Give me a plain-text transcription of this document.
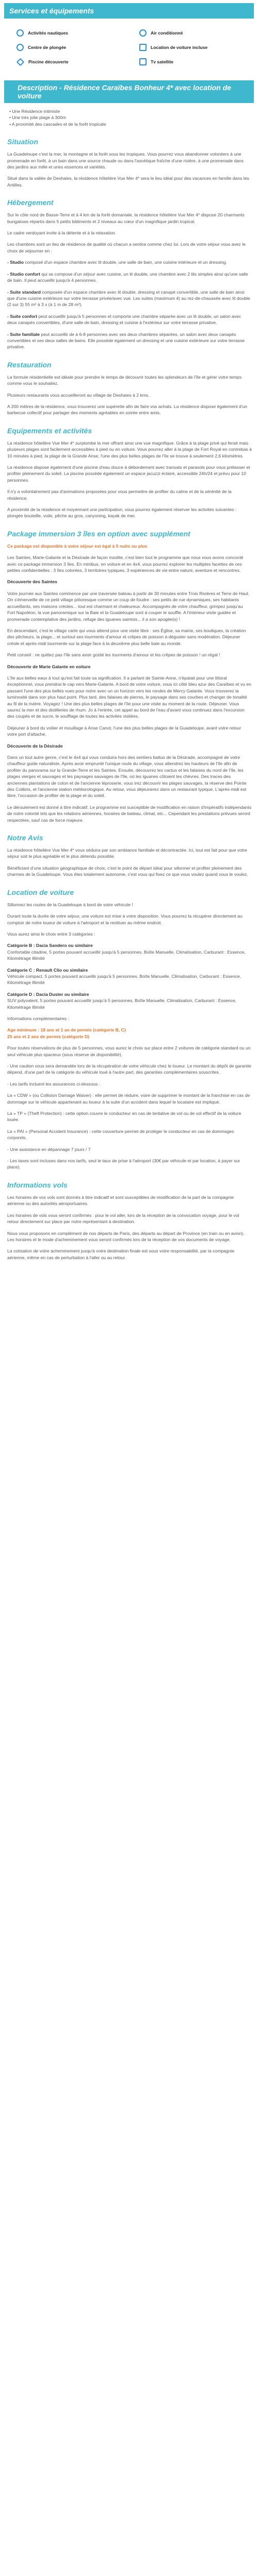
Services et équipements
Activités nautiques	Air conditionné
Centre de plongée	Location de voiture incluse
Piscine découverte	Tv satellite
Description - Résidence Caraïbes Bonheur 4* avec location de voiture
• Une Résidence intimiste
• Une très jolie plage à 300m
• A proximité des cascades et de la forêt tropicale
Situation

La Guadeloupe c'est la mer, la montagne et la forêt sous les tropiques. Vous pourrez vous abandonner volontiers à une promenade en forêt, à un bain dans une source chaude ou dans l'ascétique fraîche d'une rivière, à une promenade dans des jardins aux mille et unes essences et variétés.

Situé dans la vallée de Deshaies, la résidence hôtelière Vue Mer 4* sera le lieu idéal pour des vacances en famille dans les Antilles.

Hébergement

Sur le côte nord de Basse-Terre et à 4 km de la forêt domaniale, la résidence hôtelière Vue Mer 4* dispose 20 charmants bungalows répartis dans 5 petits bâtiments et 2 niveaux au cœur d'un magnifique jardin tropical.

Le cadre verdoyant invite à la détente et à la relaxation.

Les chambres sont un lieu de résidence de qualité où chacun a sentira comme chez lui. Lors de votre séjour vous avez le choix de séjourner en :

- Studio composé d'un espace chambre avec lit double, une salle de bain, une cuisine intérieure et un dressing.

- Studio confort qui se compose d'un séjour avec cuisine, un lit double, une chambre avec 2 lits simples ainsi qu'une salle de bain. Il peut accueillir jusqu'à 4 personnes.

- Suite standard composée d'un espace chambre avec lit double, dressing et canapé convertible, une salle de bain ainsi que d'une cuisine extérieure sur votre terrasse privée/avec vue. Les suites (maximum 4) au rez-de-chaussée avec lit double (2 sur 3) 55 m² à 3 x (à 1 m de 28 m²).

- Suite confort peut accueillir jusqu'à 5 personnes et comporte une chambre séparée avec un lit double, un salon avec deux canapés convertibles, d'une salle de bain, dressing et cuisine à l'extérieur sur votre terrasse privative.

- Suite familiale peut accueillir de à 6-8 personnes avec ses deux chambres séparées, un salon avec deux canapés convertibles et ses deux salles de bains. Elle possède également un dressing et une cuisine extérieure sur votre terrasse privative.

Restauration

La formule résidentielle est idéale pour prendre le temps de découvrir toutes les splendeurs de l'île et gérer votre temps comme vous le souhaitez.

Plusieurs restaurants vous accueilleront au village de Deshaies à 2 kms.

A 200 mètres de la résidence, vous trouverez une supérette afin de faire vos achats. La résidence dispose également d'un barbecue collectif pour partager des moments agréables en soirée entre amis.

Equipements et activités

La résidence hôtelière Vue Mer 4* surplombe la mer offrant ainsi une vue magnifique. Grâce à la plage privé qui ferait mais plusieurs plages sont facilement accessibles à pied ou en voiture. Vous pourrez aller à la plage de Fort Royal en contrebas à 10 minutes à pied, la plage de la Grande Anse, l'une des plus belles plages de l'île se trouve à seulement 2,6 kilomètres.

La résidence dispose également d'une piscine d'eau douce à débordement avec transats et parasols pour vous prélasser et profiter pleinement du soleil. La piscine possède également un espace jacuzzi éclairé, accessible 24h/24 et prévu pour 10 personnes.

Il n'y a volontairement pas d'animations proposées pour vous permettre de profiter du calme et de la sérénité de la résidence.

A proximité de la résidence et moyennant une participation, vous pourrez également réserver les activités suivantes : plongée bouteille, voile, pêche au gros, canyoning, kayak de mer.

Package immersion 3 îles en option avec supplément

Ce package est disponible à votre séjour est égal à 5 nuits ou plus

Les Saintes, Marie-Galante et la Désirade de façon insolite, c'est bien tout le programme que nous vous avons concocté avec ce package immersion 3 îles. En minibus, en voiture et en 4x4, vous pourrez explorer les multiples facettes de ces petites confidentielles : 3 îles colorées, 3 territoires typiques, 3 expériences de vie entre nature, aventure et rencontres.

Découverte des Saintes

Votre journée aux Saintes commence par une traversée bateau à partir de 30 minutes entre Trois Rivières et Terre de Haut. On s'émerveille de ce petit village pittoresque comme un coup de foudre : ses petits de rue dynamiques, ses habitants accueillants, ses maisons créoles... tout est charmant et chaleureux. Accompagnés de votre chauffeur, grimpez jusqu'au Fort Napoléon, la vue panoramique sur la Baie et la Guadeloupe sont à couper le souffle. A l'intérieur visite guidée et promenade contemplative des jardins, refuge des iguanes saintois... il a son apogée(s) !

En descendant, c'est le village carte qui vous attend pour une visite libre : ses Église, sa mairie, ses boutiques, la création des pêcheurs, la plage... et surtout ses tourments d'amour et crêpes de poisson à déguster sans modération. Déjeuner créole et après-midi tourmente sur la plage face à la deuxième plus belle baie au monde.

Petit conseil : ne quittez pas l'île sans avoir goûté les tourments d'amour et les crêpes de poisson ! un régal !

Découverte de Marie Galante en voiture

L'île aux belles eaux à tout qu'est fait toute sa signification. Il a parlant de Sainte-Anne, n'épatait pour une littoral éxceptionnel, vous prendrai le cap vers Marie-Galante. A bord de votre voiture, vous ici côté bleu azur des Caraïbes et vu en passant l'une des plus belles vues pour notre avec un un horizon vers les rondes de Mercy Galante. Vous trouverez la luminosité dans son plus haut point. Plus tard, des falaises de pierres, le paysage dans ses courbes et changer de tonalité au fil de la rivière. Voyagez ! Une des plus belles plages de l'île pour une visite au moment de la route. Déjeuner. Vous saurez la mer et des distilleries de rhum. Jo à l'entrée, cet appel au bord de l'eau d'avant vous continuez dans l'excursion des coupés et de sucre, le soufflage de toutes les activités visitées.

Déjeuner à bord du voilier et mouillage à Anse Canot, l'une des plus belles plages de la Guadeloupe, avant votre retour votre port d'attache.

Découverte de la Désirade

Dans un tout autre genre, c'est le 4x4 qui vous conduira hors des sentiers battus de la Désirade, accompagné de votre chauffeur guide naturaliste. Après avoir emprunté l'unique route du village, vous attendrez les hauteurs de l'île afin de profiter du panorama sur la Grande-Terre et les Saintes. Ensuite, découvrez les cactus et les falaises du nord de l'île, les plages vierges et sauvages et les paysages sauvages de l'île, où les iguanes côtoient les chèvres. Des traces des anciennes plantations de coton et de l'ancienne léproserie, vous irez découvrir les plages sauvages, la réserve des Pointe des Colibris, et l'ancienne station météorologique. Au retour, vous déjeunerez dans un restaurant typique. L'après-midi est libre, l'occasion de profiter de la plage et du soleil.

Le déroulement est donné à titre indicatif. Le programme est susceptible de modification en raison d'impératifs indépendants de notre volonté tels que les relations aériennes, horaires de bateau, climat, etc... Cependant les prestations prévues seront respectées, sauf cas de force majeure.

Notre Avis

La résidence hôtelière Vue Mer 4* vous séduira par son ambiance familiale et décontractée. Ici, tout est fait pour que votre séjour soit le plus agréable et le plus détendu possible.

Bénéficiant d'une situation géographique de choix, c'est le point de départ idéal pour sillonner et profiter pleinement des charmes de la Guadeloupe. Vous êtes totalement autonome, c'est vous qui fixez ce que vous voulez quand vous le voulez.

Location de voiture

Sillonnez les routes de la Guadeloupe à bord de votre véhicule !

Durant toute la durée de votre séjour, une voiture est mise à votre disposition. Vous pourrez la récupérer directement au comptoir de notre loueur de voiture à l'aéroport et la restituer au même endroit.

Vous aurez ainsi le choix entre 3 catégories :

Catégorie B : Dacia Sandero ou similaire
Confortable citadine, 5 portes pouvant accueillir jusqu'à 5 personnes, Boîte Manuelle, Climatisation, Carburant : Essence, Kilométrage Illimité

Catégorie C : Renault Clio ou similaire
Véhicule compact, 5 portes pouvant accueillir jusqu'à 5 personnes, Boîte Manuelle, Climatisation, Carburant : Essence, Kilométrage Illimité

Catégorie D : Dacia Duster ou similaire
SUV polyvalent, 5 portes pouvant accueillir jusqu'à 5 personnes, Boîte Manuelle, Climatisation, Carburant : Essence, Kilométrage Illimité

Informations complémentaires :

Age minimum : 18 ans et 1 an de permis (catégorie B, C)
25 ans et 2 ans de permis (catégorie D)

Pour toutes réservations de plus de 5 personnes, vous aurez le choix sur place entre 2 voitures de catégorie standard ou un seul véhicule plus spacieux (sous réserve de disponibilité).

- Une caution vous sera demandée lors de la récupération de votre véhicule chez le loueur. Le montant du dépôt de garantie dépend, d'une part de la catégorie du véhicule loué à l'autre part, des garanties complémentaires souscrites.

- Les tarifs incluent les assurances ci-dessous :

La « CDW » (ou Collision Damage Waiver) : elle permet de réduire, voire de supprimer le montant de la franchise en cas de dommage sur le véhicule appartenant au loueur à la suite d'un accident dans lequel le locataire est impliqué.

La « TP » (Theft Protection) : cette option couvre le conducteur en cas de tentative de vol ou de vol effectif de la voiture louée.

La « PAI » (Personal Accident Insurance) : cette couverture permet de protéger le conducteur en cas de dommages corporels.

- Une assistance en dépannage 7 jours / 7

- Les taxes sont incluses dans nos tarifs, seul le taux de prise à l'aéroport (30€ par véhicule et par location, à payer sur place).

Informations vols

Les horaires de vos vols sont donnés à titre indicatif et sont susceptibles de modification de la part de la compagnie aérienne ou des autorités aéroportuaires.

Les horaires de vols vous seront confirmés : pour le vol aller, lors de la réception de la convocation voyage, pour le vol retour directement sur place par notre représentant à destination.

Nous vous proposons en complément de nos départs de Paris, des départs au départ de Province (en train ou en avion). Les horaires et le mode d'acheminement vous seront confirmés lors de la réception de vos documents de voyage.

La cotisation de votre acheminement jusqu'à votre destination finale est sous votre responsabilité, par la compagnie aérienne, même en cas de perturbation à l'aller ou au retour.
